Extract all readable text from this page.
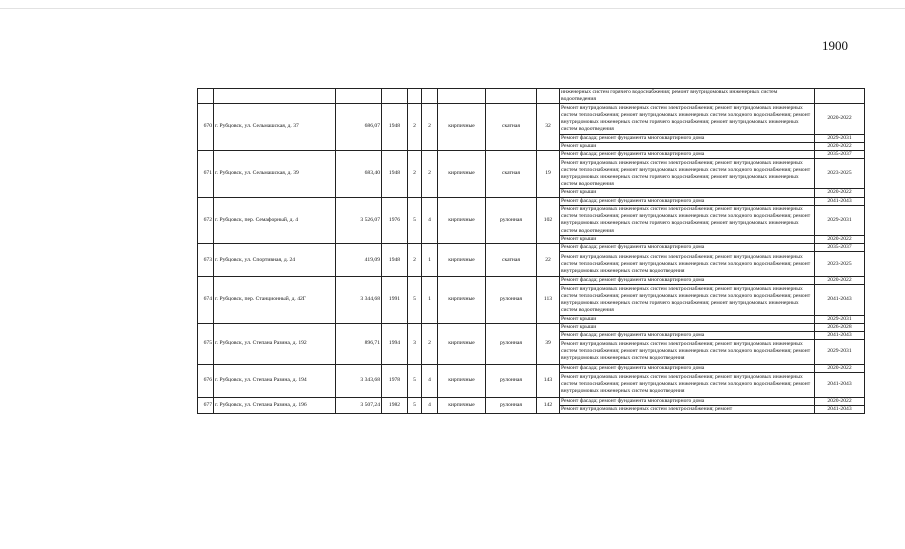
1900
									инженерных систем горячего водоснабжения; ремонт внутридомовых инженерных систем водоотведения	
670	г. Рубцовск, ул. Сельмашская, д. 37	686,07	1948	2	2	кирпичные	скатная	32	Ремонт внутридомовых инженерных систем электроснабжения; ремонт внутридомовых инженерных систем теплоснабжения; ремонт внутридомовых инженерных систем холодного водоснабжения; ремонт внутридомовых инженерных систем горячего водоснабжения; ремонт внутридомовых инженерных систем водоотведения	2020-2022
									Ремонт фасада; ремонт фундамента многоквартирного дома	2029-2031
									Ремонт крыши	2020-2022
671	г. Рубцовск, ул. Сельмашская, д. 39	683,40	1948	2	2	кирпичные	скатная	19	Ремонт фасада; ремонт фундамента многоквартирного дома	2035-2037
									Ремонт внутридомовых инженерных систем электроснабжения; ремонт внутридомовых инженерных систем теплоснабжения; ремонт внутридомовых инженерных систем холодного водоснабжения; ремонт внутридомовых инженерных систем горячего водоснабжения; ремонт внутридомовых инженерных систем водоотведения	2023-2025
									Ремонт крыши	2020-2022
672	г. Рубцовск, пер. Семафорный, д. 4	3 526,07	1976	5	4	кирпичные	рулонная	102	Ремонт фасада; ремонт фундамента многоквартирного дома	2041-2043
									Ремонт внутридомовых инженерных систем электроснабжения; ремонт внутридомовых инженерных систем теплоснабжения; ремонт внутридомовых инженерных систем холодного водоснабжения; ремонт внутридомовых инженерных систем горячего водоснабжения; ремонт внутридомовых инженерных систем водоотведения	2029-2031
									Ремонт крыши	2020-2022
673	г. Рубцовск, ул. Спортивная, д. 24	419,09	1948	2	1	кирпичные	скатная	22	Ремонт фасада; ремонт фундамента многоквартирного дома	2035-2037
									Ремонт внутридомовых инженерных систем электроснабжения; ремонт внутридомовых инженерных систем теплоснабжения; ремонт внутридомовых инженерных систем холодного водоснабжения; ремонт внутридомовых инженерных систем водоотведения	2023-2025
674	г. Рубцовск, пер. Станционный, д. 42Г	3 344,68	1991	5	1	кирпичные	рулонная	113	Ремонт фасада; ремонт фундамента многоквартирного дома	2020-2022
									Ремонт внутридомовых инженерных систем электроснабжения; ремонт внутридомовых инженерных систем теплоснабжения; ремонт внутридомовых инженерных систем холодного водоснабжения; ремонт внутридомовых инженерных систем горячего водоснабжения; ремонт внутридомовых инженерных систем водоотведения	2041-2043
									Ремонт крыши	2029-2031
675	г. Рубцовск, ул. Степана Разина, д. 192	896,71	1994	3	2	кирпичные	рулонная	39	Ремонт крыши	2026-2028
									Ремонт фасада; ремонт фундамента многоквартирного дома	2041-2043
									Ремонт внутридомовых инженерных систем электроснабжения; ремонт внутридомовых инженерных систем теплоснабжения; ремонт внутридомовых инженерных систем холодного водоснабжения; ремонт внутридомовых инженерных систем водоотведения	2029-2031
676	г. Рубцовск, ул. Степана Разина, д. 194	3 343,68	1978	5	4	кирпичные	рулонная	143	Ремонт фасада; ремонт фундамента многоквартирного дома	2020-2022
									Ремонт внутридомовых инженерных систем электроснабжения; ремонт внутридомовых инженерных систем теплоснабжения; ремонт внутридомовых инженерных систем холодного водоснабжения; ремонт внутридомовых инженерных систем водоотведения	2041-2043
677	г. Рубцовск, ул. Степана Разина, д. 196	3 507,24	1982	5	4	кирпичные	рулонная	142	Ремонт фасада; ремонт фундамента многоквартирного дома	2020-2022
									Ремонт внутридомовых инженерных систем электроснабжения; ремонт	2041-2043
